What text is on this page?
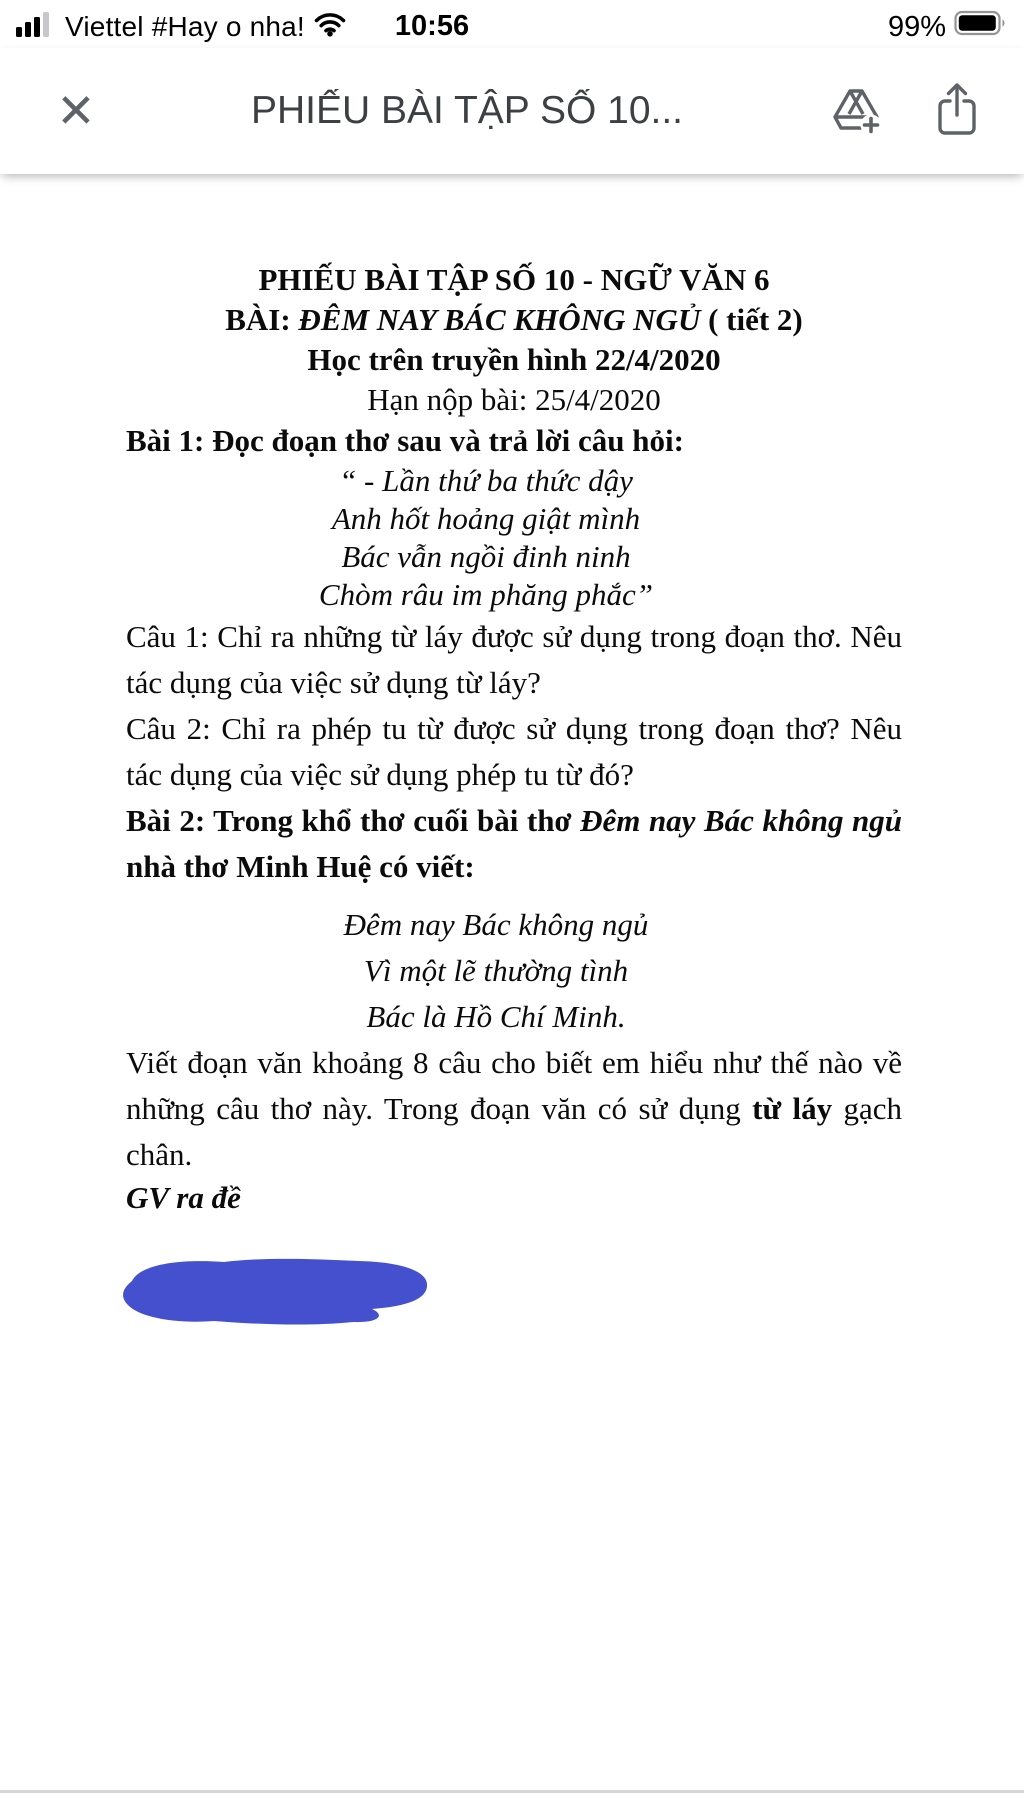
Viettel #Hay o nha!	10:56	99%
✕	PHIẾU BÀI TẬP SỐ 10...

PHIẾU BÀI TẬP SỐ 10 - NGỮ VĂN 6

BÀI: ĐÊM NAY BÁC KHÔNG NGỦ ( tiết 2)

Học trên truyền hình 22/4/2020

Hạn nộp bài: 25/4/2020

Bài 1: Đọc đoạn thơ sau và trả lời câu hỏi:

“ - Lần thứ ba thức dậy

Anh hốt hoảng giật mình

Bác vẫn ngồi đinh ninh

Chòm râu im phăng phắc”

Câu 1: Chỉ ra những từ láy được sử dụng trong đoạn thơ. Nêu tác dụng của việc sử dụng từ láy?

Câu 2: Chỉ ra phép tu từ được sử dụng trong đoạn thơ? Nêu tác dụng của việc sử dụng phép tu từ đó?

Bài 2: Trong khổ thơ cuối bài thơ Đêm nay Bác không ngủ nhà thơ Minh Huệ có viết:

Đêm nay Bác không ngủ

Vì một lẽ thường tình

Bác là Hồ Chí Minh.

Viết đoạn văn khoảng 8 câu cho biết em hiểu như thế nào về những câu thơ này. Trong đoạn văn có sử dụng từ láy gạch chân.

GV ra đề
